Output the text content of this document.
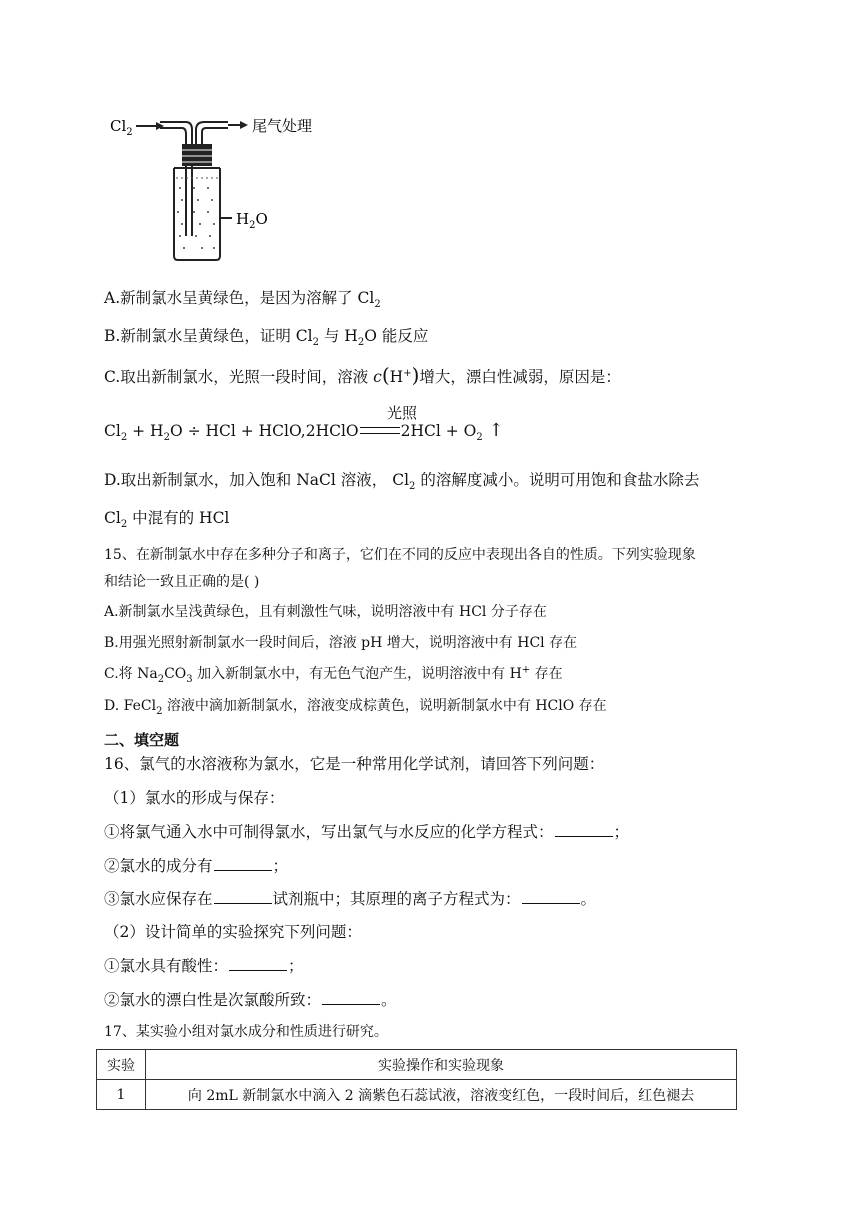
$Cl_2$	尾气处理
$H_2O$
A.新制氯水呈黄绿色，是因为溶解了 $Cl_2$
B.新制氯水呈黄绿色，证明 $Cl_2$ 与 $H_2O$ 能反应
C.取出新制氯水，光照一段时间，溶液 c(H+)增大，漂白性减弱，原因是：
光照
$Cl_2 + H_2O$ ÷ HCl + HClO,2HClO	$2HCl + O_2$ ↑
D.取出新制氯水，加入饱和 NaCl 溶液， $Cl_2$ 的溶解度减小。说明可用饱和食盐水除去
$Cl_2$ 中混有的 HCl
15、在新制氯水中存在多种分子和离子，它们在不同的反应中表现出各自的性质。下列实验现象
和结论一致且正确的是( )
A.新制氯水呈浅黄绿色，且有刺激性气味，说明溶液中有 HCl 分子存在
B.用强光照射新制氯水一段时间后，溶液 pH 增大，说明溶液中有 HCl 存在
C.将 $Na_2CO_3$ 加入新制氯水中，有无色气泡产生，说明溶液中有 H+ 存在
D. FeCl$_2$ 溶液中滴加新制氯水，溶液变成棕黄色，说明新制氯水中有 HClO 存在
二、填空题
16、氯气的水溶液称为氯水，它是一种常用化学试剂，请回答下列问题：
（1）氯水的形成与保存：
①将氯气通入水中可制得氯水，写出氯气与水反应的化学方程式：	；
②氯水的成分有	；
③氯水应保存在	试剂瓶中；其原理的离子方程式为：	。
（2）设计简单的实验探究下列问题：
①氯水具有酸性：	；
②氯水的漂白性是次氯酸所致：	。
17、某实验小组对氯水成分和性质进行研究。
实验	实验操作和实验现象
1	向 2mL 新制氯水中滴入 2 滴紫色石蕊试液，溶液变红色，一段时间后，红色褪去
